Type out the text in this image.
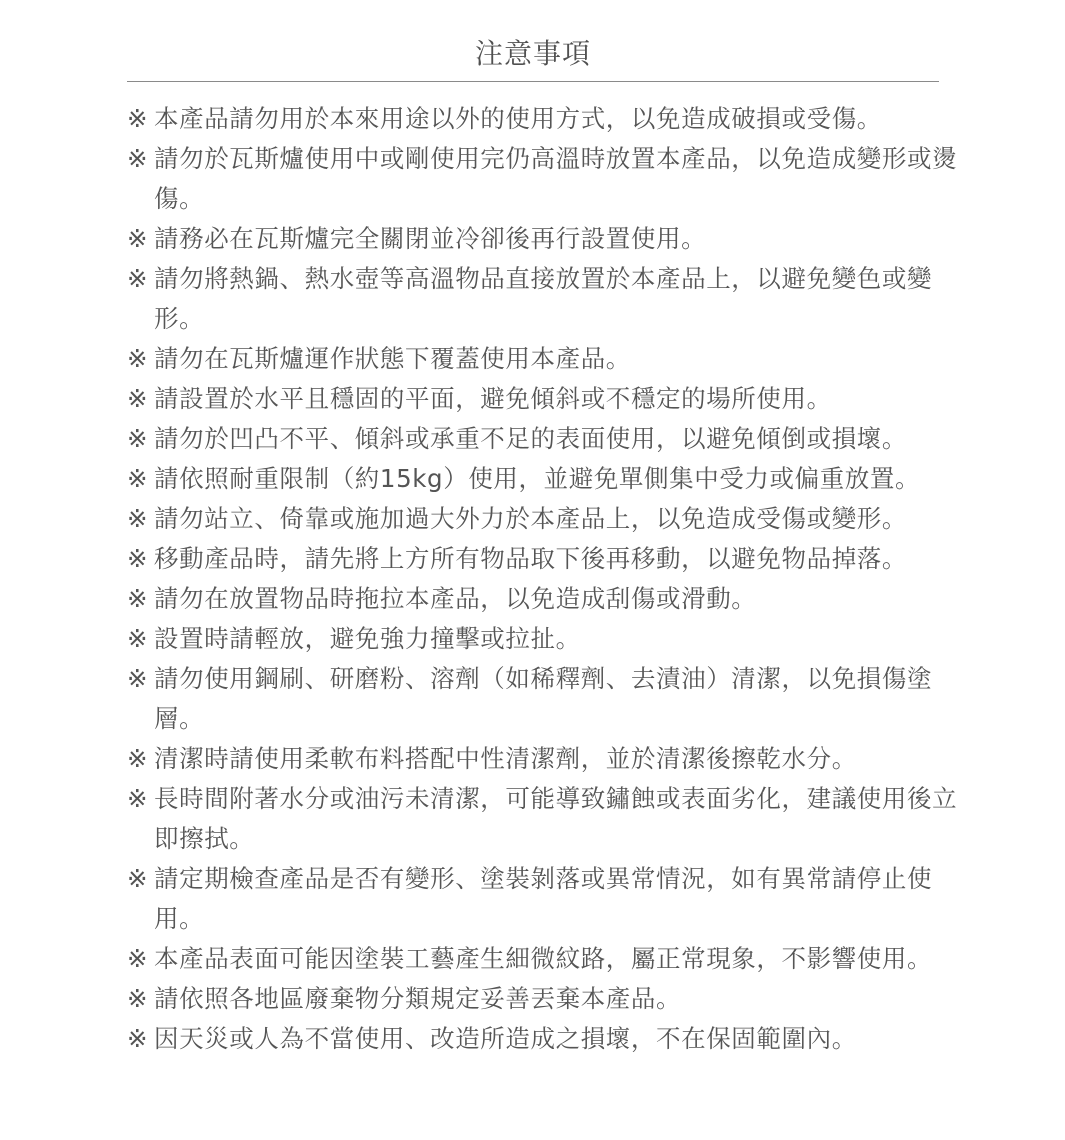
注意事項
※ 本產品請勿用於本來用途以外的使用方式，以免造成破損或受傷。
※ 請勿於瓦斯爐使用中或剛使用完仍高溫時放置本產品，以免造成變形或燙傷。
※ 請務必在瓦斯爐完全關閉並冷卻後再行設置使用。
※ 請勿將熱鍋、熱水壺等高溫物品直接放置於本產品上，以避免變色或變形。
※ 請勿在瓦斯爐運作狀態下覆蓋使用本產品。
※ 請設置於水平且穩固的平面，避免傾斜或不穩定的場所使用。
※ 請勿於凹凸不平、傾斜或承重不足的表面使用，以避免傾倒或損壞。
※ 請依照耐重限制（約15kg）使用，並避免單側集中受力或偏重放置。
※ 請勿站立、倚靠或施加過大外力於本產品上，以免造成受傷或變形。
※ 移動產品時，請先將上方所有物品取下後再移動，以避免物品掉落。
※ 請勿在放置物品時拖拉本產品，以免造成刮傷或滑動。
※ 設置時請輕放，避免強力撞擊或拉扯。
※ 請勿使用鋼刷、研磨粉、溶劑（如稀釋劑、去漬油）清潔，以免損傷塗層。
※ 清潔時請使用柔軟布料搭配中性清潔劑，並於清潔後擦乾水分。
※ 長時間附著水分或油污未清潔，可能導致鏽蝕或表面劣化，建議使用後立即擦拭。
※ 請定期檢查產品是否有變形、塗裝剝落或異常情況，如有異常請停止使用。
※ 本產品表面可能因塗裝工藝產生細微紋路，屬正常現象，不影響使用。
※ 請依照各地區廢棄物分類規定妥善丟棄本產品。
※ 因天災或人為不當使用、改造所造成之損壞，不在保固範圍內。
